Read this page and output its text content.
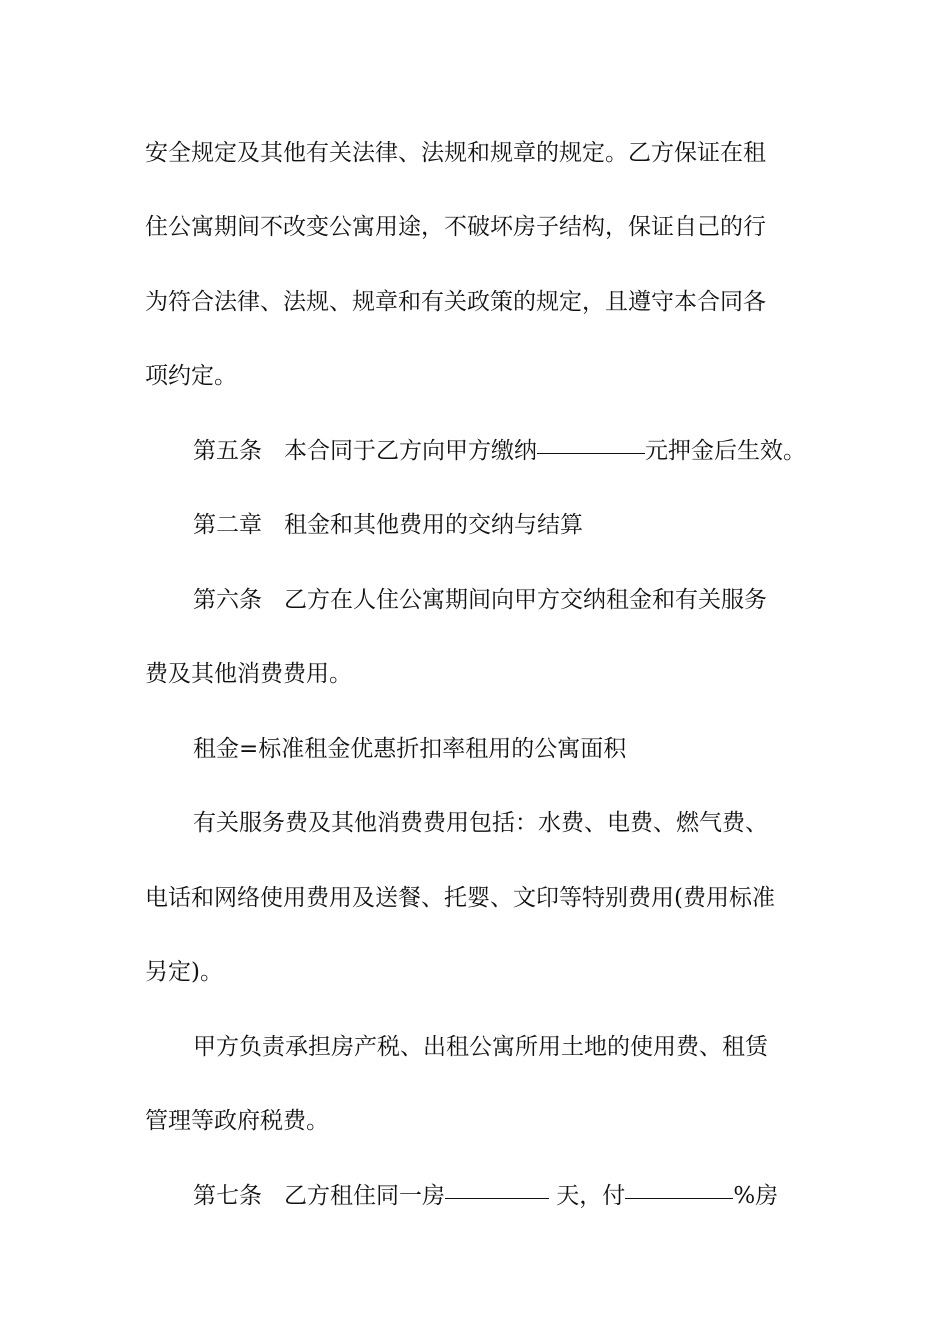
安全规定及其他有关法律、法规和规章的规定。乙方保证在租
住公寓期间不改变公寓用途，不破坏房子结构，保证自己的行
为符合法律、法规、规章和有关政策的规定，且遵守本合同各
项约定。
第五条 本合同于乙方向甲方缴纳	元押金后生效。
第二章 租金和其他费用的交纳与结算
第六条 乙方在人住公寓期间向甲方交纳租金和有关服务
费及其他消费费用。
租金=标准租金优惠折扣率租用的公寓面积
有关服务费及其他消费费用包括：水费、电费、燃气费、
电话和网络使用费用及送餐、托婴、文印等特别费用(费用标准
另定)。
甲方负责承担房产税、出租公寓所用土地的使用费、租赁
管理等政府税费。
第七条 乙方租住同一房	天，付	%房
